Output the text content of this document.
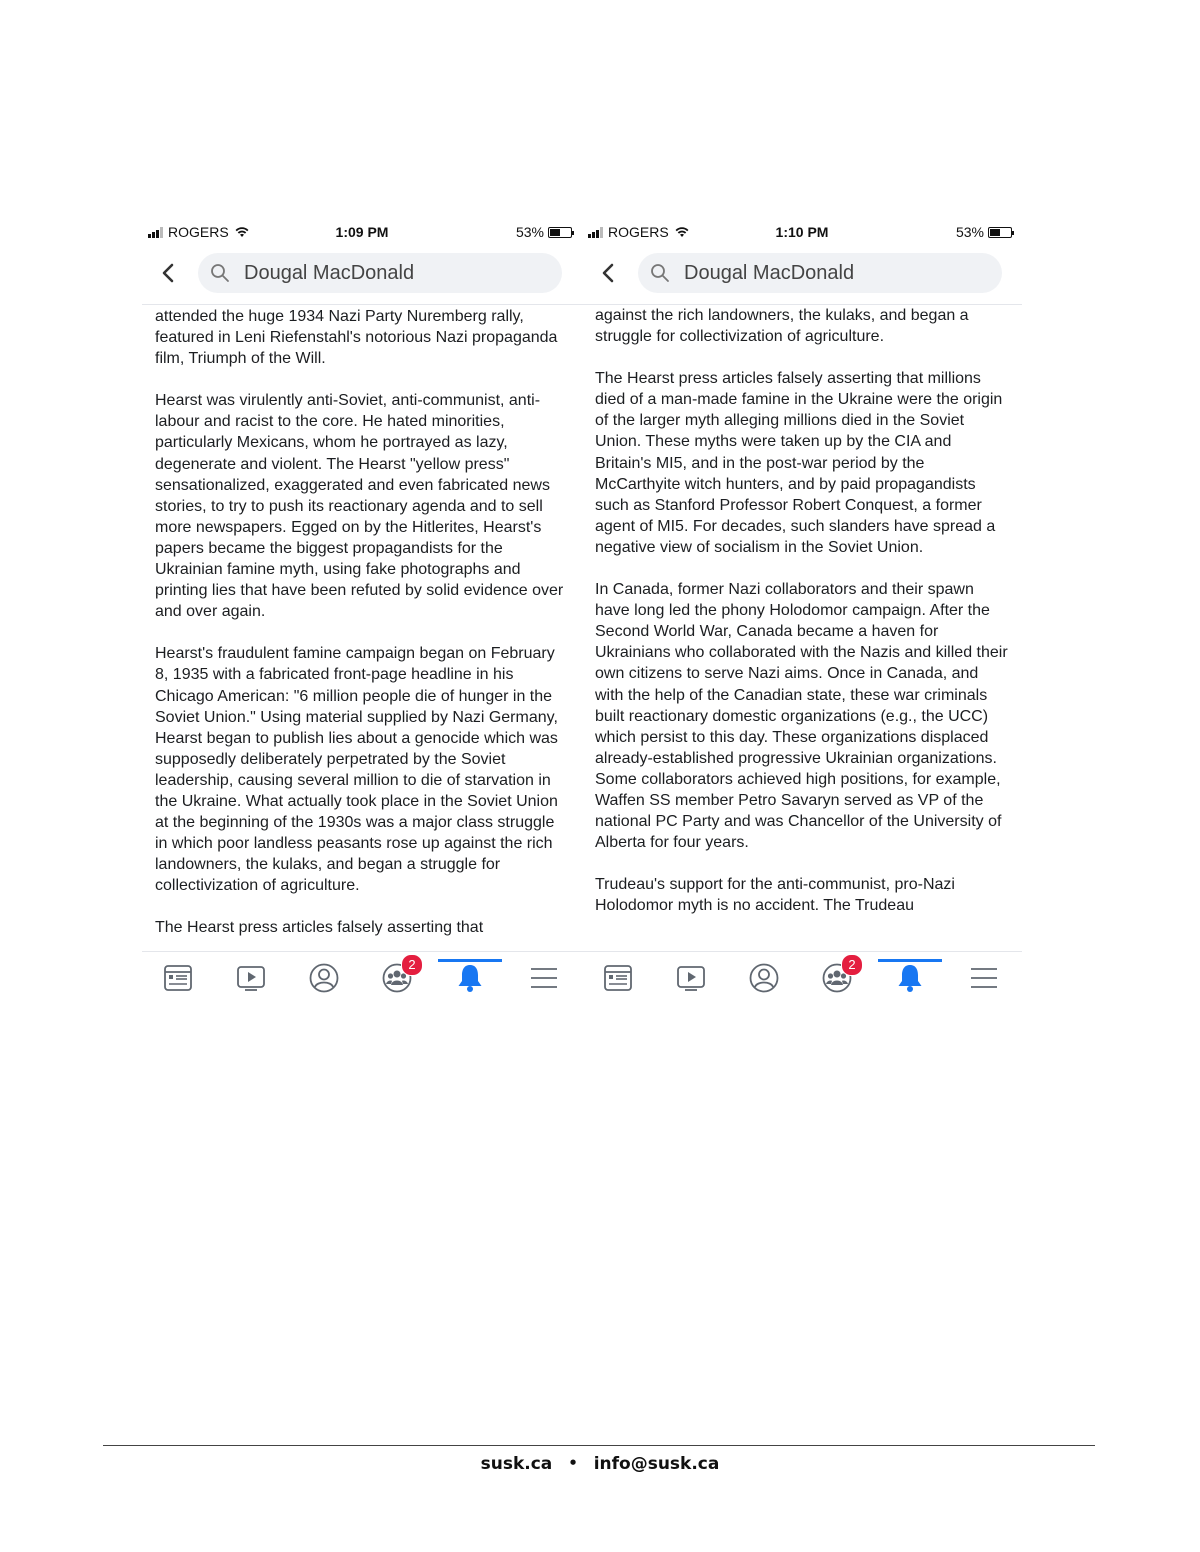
ROGERS	1:09 PM	53%
Dougal MacDonald

attended the huge 1934 Nazi Party Nuremberg rally, featured in Leni Riefenstahl's notorious Nazi propaganda film, Triumph of the Will.

Hearst was virulently anti-Soviet, anti-communist, anti-labour and racist to the core. He hated minorities, particularly Mexicans, whom he portrayed as lazy, degenerate and violent. The Hearst "yellow press" sensationalized, exaggerated and even fabricated news stories, to try to push its reactionary agenda and to sell more newspapers. Egged on by the Hitlerites, Hearst's papers became the biggest propagandists for the Ukrainian famine myth, using fake photographs and printing lies that have been refuted by solid evidence over and over again.

Hearst's fraudulent famine campaign began on February 8, 1935 with a fabricated front-page headline in his Chicago American: "6 million people die of hunger in the Soviet Union." Using material supplied by Nazi Germany, Hearst began to publish lies about a genocide which was supposedly deliberately perpetrated by the Soviet leadership, causing several million to die of starvation in the Ukraine. What actually took place in the Soviet Union at the beginning of the 1930s was a major class struggle in which poor landless peasants rose up against the rich landowners, the kulaks, and began a struggle for collectivization of agriculture.

The Hearst press articles falsely asserting that

2
ROGERS	1:10 PM	53%
Dougal MacDonald

against the rich landowners, the kulaks, and began a struggle for collectivization of agriculture.

The Hearst press articles falsely asserting that millions died of a man-made famine in the Ukraine were the origin of the larger myth alleging millions died in the Soviet Union. These myths were taken up by the CIA and Britain's MI5, and in the post-war period by the McCarthyite witch hunters, and by paid propagandists such as Stanford Professor Robert Conquest, a former agent of MI5. For decades, such slanders have spread a negative view of socialism in the Soviet Union.

In Canada, former Nazi collaborators and their spawn have long led the phony Holodomor campaign. After the Second World War, Canada became a haven for Ukrainians who collaborated with the Nazis and killed their own citizens to serve Nazi aims. Once in Canada, and with the help of the Canadian state, these war criminals built reactionary domestic organizations (e.g., the UCC) which persist to this day. These organizations displaced already-established progressive Ukrainian organizations. Some collaborators achieved high positions, for example, Waffen SS member Petro Savaryn served as VP of the national PC Party and was Chancellor of the University of Alberta for four years.

Trudeau's support for the anti-communist, pro-Nazi Holodomor myth is no accident. The Trudeau

2
susk.ca • info@susk.ca
